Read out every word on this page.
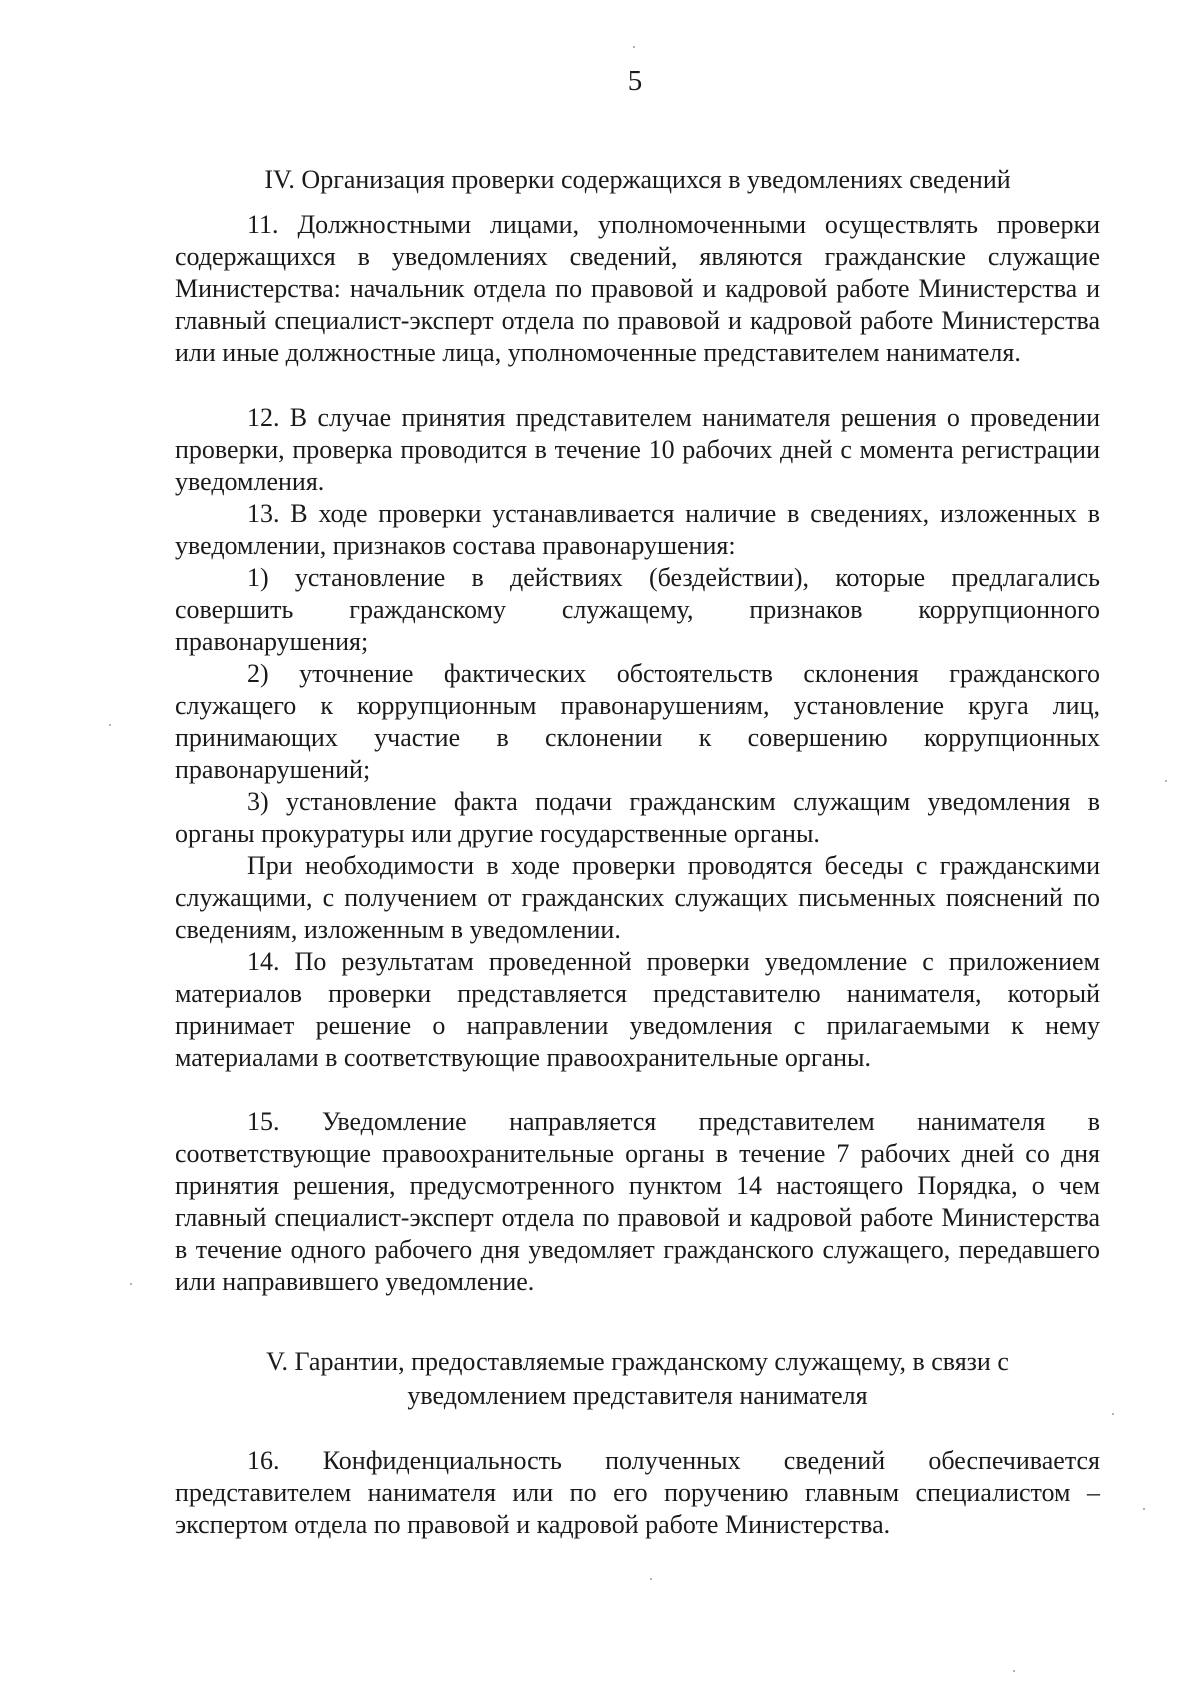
5
IV. Организация проверки содержащихся в уведомлениях сведений

11. Должностными лицами, уполномоченными осуществлять проверки содержащихся в уведомлениях сведений, являются гражданские служащие Министерства: начальник отдела по правовой и кадровой работе Министерства и главный специалист-эксперт отдела по правовой и кадровой работе Министерства или иные должностные лица, уполномоченные представителем нанимателя.

12. В случае принятия представителем нанимателя решения о проведении проверки, проверка проводится в течение 10 рабочих дней с момента регистрации уведомления.

13. В ходе проверки устанавливается наличие в сведениях, изложенных в уведомлении, признаков состава правонарушения:

1) установление в действиях (бездействии), которые предлагались совершить гражданскому служащему, признаков коррупционного правонарушения;

2) уточнение фактических обстоятельств склонения гражданского служащего к коррупционным правонарушениям, установление круга лиц, принимающих участие в склонении к совершению коррупционных правонарушений;

3) установление факта подачи гражданским служащим уведомления в органы прокуратуры или другие государственные органы.

При необходимости в ходе проверки проводятся беседы с гражданскими служащими, с получением от гражданских служащих письменных пояснений по сведениям, изложенным в уведомлении.

14. По результатам проведенной проверки уведомление с приложением материалов проверки представляется представителю нанимателя, который принимает решение о направлении уведомления с прилагаемыми к нему материалами в соответствующие правоохранительные органы.

15. Уведомление направляется представителем нанимателя в соответствующие правоохранительные органы в течение 7 рабочих дней со дня принятия решения, предусмотренного пунктом 14 настоящего Порядка, о чем главный специалист-эксперт отдела по правовой и кадровой работе Министерства в течение одного рабочего дня уведомляет гражданского служащего, передавшего или направившего уведомление.

V. Гарантии, предоставляемые гражданскому служащему, в связи с
уведомлением представителя нанимателя

16. Конфиденциальность полученных сведений обеспечивается представителем нанимателя или по его поручению главным специалистом – экспертом отдела по правовой и кадровой работе Министерства.
